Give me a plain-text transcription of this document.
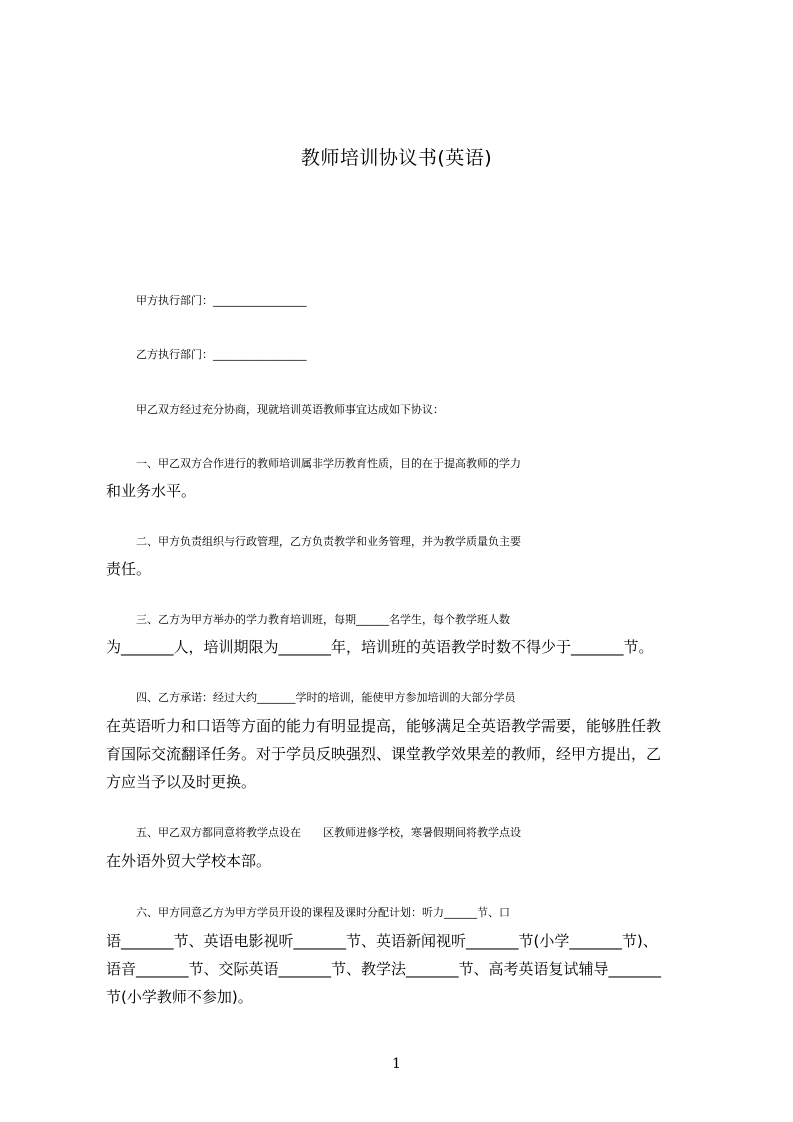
教师培训协议书(英语)
甲方执行部门：_________________
乙方执行部门：_________________
甲乙双方经过充分协商，现就培训英语教师事宜达成如下协议：
一、甲乙双方合作进行的教师培训属非学历教育性质，目的在于提高教师的学力
和业务水平。
二、甲方负责组织与行政管理，乙方负责教学和业务管理，并为教学质量负主要
责任。
三、乙方为甲方举办的学力教育培训班，每期______名学生，每个教学班人数
为_______人，培训期限为_______年，培训班的英语教学时数不得少于_______节。
四、乙方承诺：经过大约_______学时的培训，能使甲方参加培训的大部分学员
在英语听力和口语等方面的能力有明显提高，能够满足全英语教学需要，能够胜任教
育国际交流翻译任务。对于学员反映强烈、课堂教学效果差的教师，经甲方提出，乙
方应当予以及时更换。
五、甲乙双方都同意将教学点设在　　区教师进修学校，寒暑假期间将教学点设
在外语外贸大学校本部。
六、甲方同意乙方为甲方学员开设的课程及课时分配计划：听力______节、口
语_______节、英语电影视听_______节、英语新闻视听_______节(小学_______节)、
语音_______节、交际英语_______节、教学法_______节、高考英语复试辅导_______
节(小学教师不参加)。
1
